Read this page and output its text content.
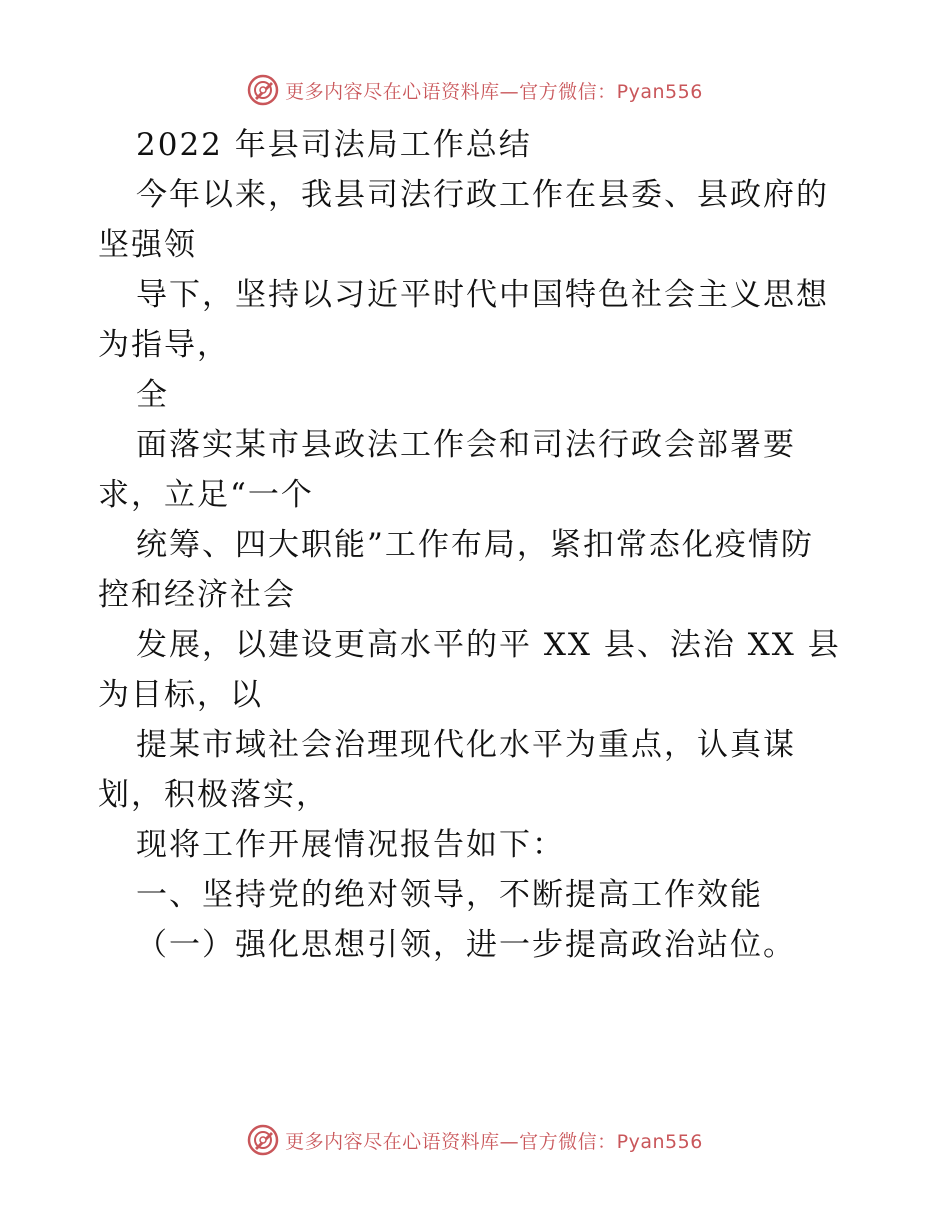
更多内容尽在心语资料库—官方微信：Pyan556
2022 年县司法局工作总结
今年以来，我县司法行政工作在县委、县政府的
坚强领
导下，坚持以习近平时代中国特色社会主义思想
为指导，
全
面落实某市县政法工作会和司法行政会部署要
求，立足“一个
统筹、四大职能”工作布局，紧扣常态化疫情防
控和经济社会
发展，以建设更高水平的平 XX 县、法治 XX 县
为目标，以
提某市域社会治理现代化水平为重点，认真谋
划，积极落实，
现将工作开展情况报告如下：
一、坚持党的绝对领导，不断提高工作效能
（一）强化思想引领，进一步提高政治站位。
更多内容尽在心语资料库—官方微信：Pyan556
